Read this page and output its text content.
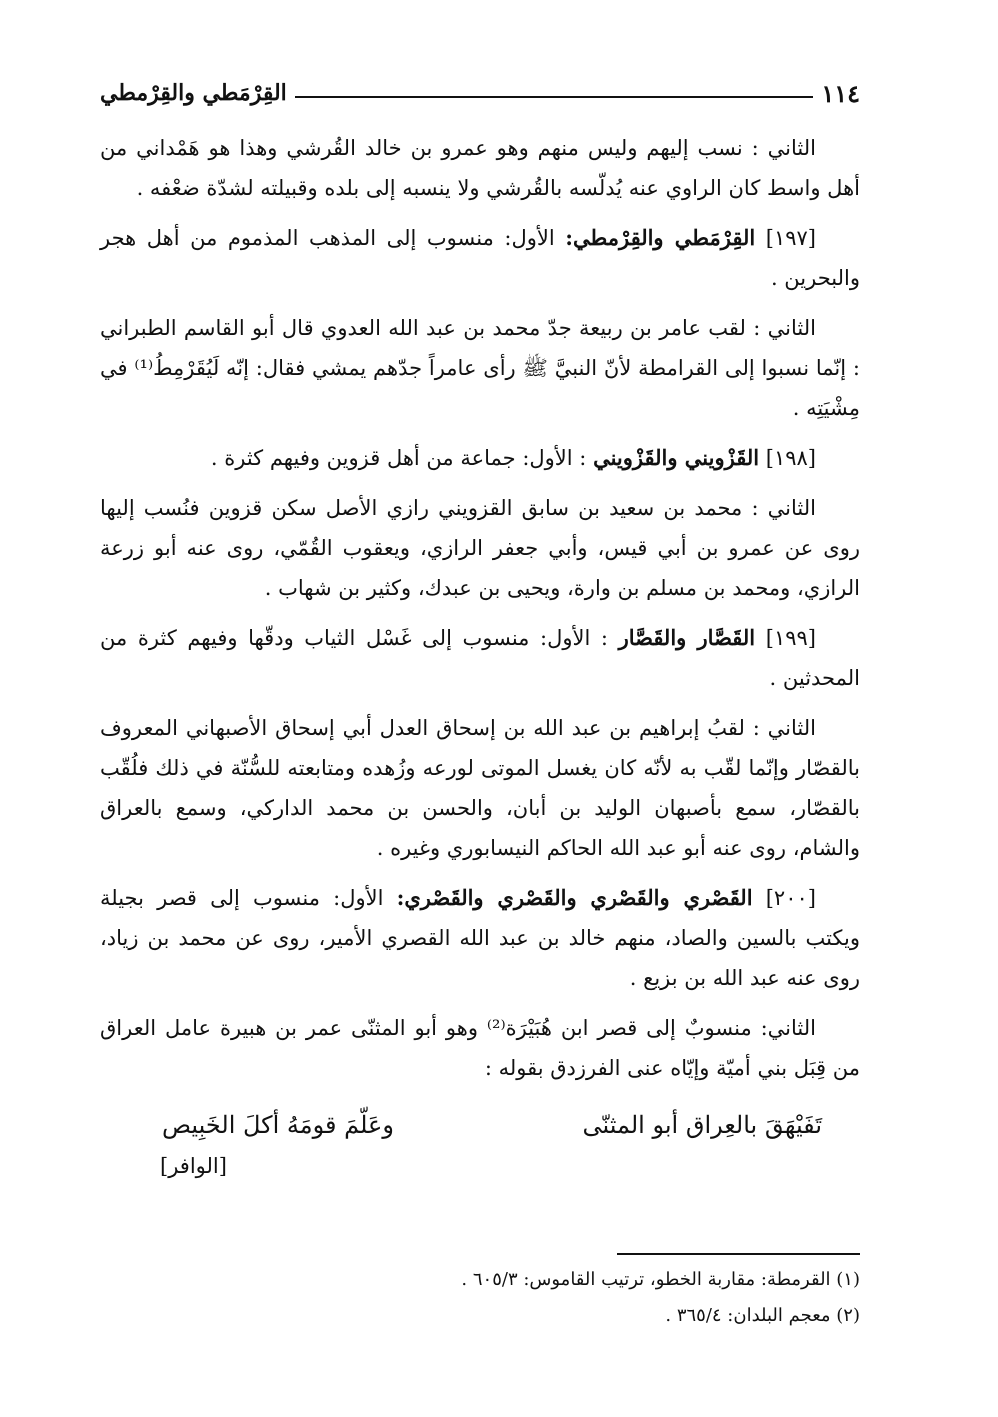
١١٤
القِرْمَطي والقِرْمطي

الثاني : نسب إليهم وليس منهم وهو عمرو بن خالد القُرشي وهذا هو هَمْداني من أهل واسط كان الراوي عنه يُدلّسه بالقُرشي ولا ينسبه إلى بلده وقبيلته لشدّة ضعْفه .

[١٩٧] القِرْمَطي والقِرْمطي: الأول: منسوب إلى المذهب المذموم من أهل هجر والبحرين .

الثاني : لقب عامر بن ربيعة جدّ محمد بن عبد الله العدوي قال أبو القاسم الطبراني : إنّما نسبوا إلى القرامطة لأنّ النبيَّ ﷺ رأى عامراً جدّهم يمشي فقال: إنّه لَيُقَرْمِطُ⁽¹⁾ في مِشْيَتِه .

[١٩٨] القَزْويني والقَزْويني : الأول: جماعة من أهل قزوين وفيهم كثرة .

الثاني : محمد بن سعيد بن سابق القزويني رازي الأصل سكن قزوين فنُسب إليها روى عن عمرو بن أبي قيس، وأبي جعفر الرازي، ويعقوب القُمّي، روى عنه أبو زرعة الرازي، ومحمد بن مسلم بن وارة، ويحيى بن عبدك، وكثير بن شهاب .

[١٩٩] القَصَّار والقَصَّار : الأول: منسوب إلى غَسْل الثياب ودقّها وفيهم كثرة من المحدثين .

الثاني : لقبُ إبراهيم بن عبد الله بن إسحاق العدل أبي إسحاق الأصبهاني المعروف بالقصّار وإنّما لقّب به لأنّه كان يغسل الموتى لورعه وزُهده ومتابعته للسُّنّة في ذلك فلُقّب بالقصّار، سمع بأصبهان الوليد بن أبان، والحسن بن محمد الداركي، وسمع بالعراق والشام، روى عنه أبو عبد الله الحاكم النيسابوري وغيره .

[٢٠٠] القَصْري والقَصْري والقَصْري والقَصْري: الأول: منسوب إلى قصر بجيلة ويكتب بالسين والصاد، منهم خالد بن عبد الله القصري الأمير، روى عن محمد بن زياد، روى عنه عبد الله بن بزيع .

الثاني: منسوبٌ إلى قصر ابن هُبَيْرَة⁽²⁾ وهو أبو المثنّى عمر بن هبيرة عامل العراق من قِبَل بني أميّة وإيّاه عنى الفرزدق بقوله :

تَفَيْهَقَ بالعِراق أبو المثنّى
وعَلّمَ قومَهُ أكلَ الخَبِيص
[الوافر]

(١) القرمطة: مقاربة الخطو، ترتيب القاموس: ٦٠٥/٣ .

(٢) معجم البلدان: ٣٦٥/٤ .
